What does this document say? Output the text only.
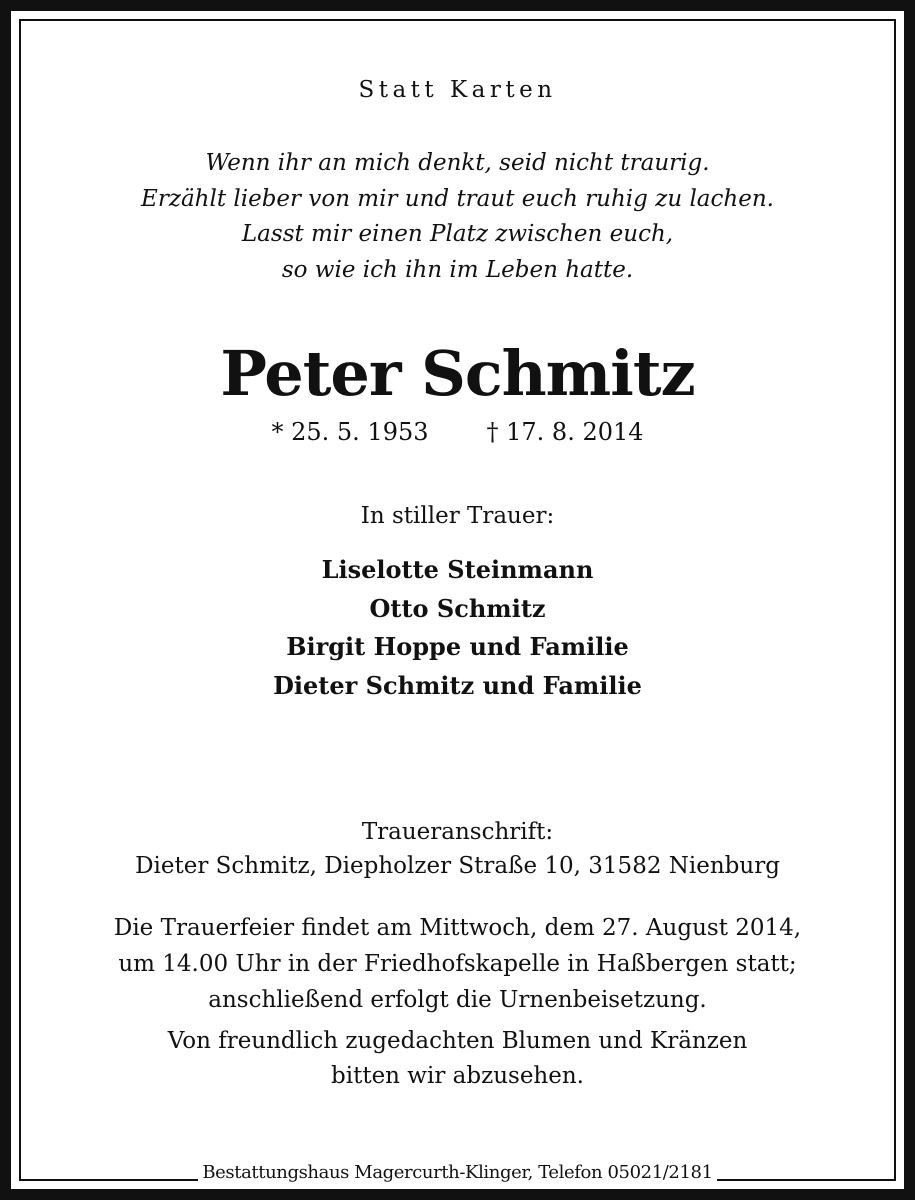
Statt Karten
Wenn ihr an mich denkt, seid nicht traurig.
Erzählt lieber von mir und traut euch ruhig zu lachen.
Lasst mir einen Platz zwischen euch,
so wie ich ihn im Leben hatte.
Peter Schmitz
* 25. 5. 1953 † 17. 8. 2014
In stiller Trauer:
Liselotte Steinmann
Otto Schmitz
Birgit Hoppe und Familie
Dieter Schmitz und Familie
Traueranschrift:
Dieter Schmitz, Diepholzer Straße 10, 31582 Nienburg
Die Trauerfeier findet am Mittwoch, dem 27. August 2014,
um 14.00 Uhr in der Friedhofskapelle in Haßbergen statt;
anschließend erfolgt die Urnenbeisetzung.
Von freundlich zugedachten Blumen und Kränzen
bitten wir abzusehen.
Bestattungshaus Magercurth-Klinger, Telefon 05021/2181
